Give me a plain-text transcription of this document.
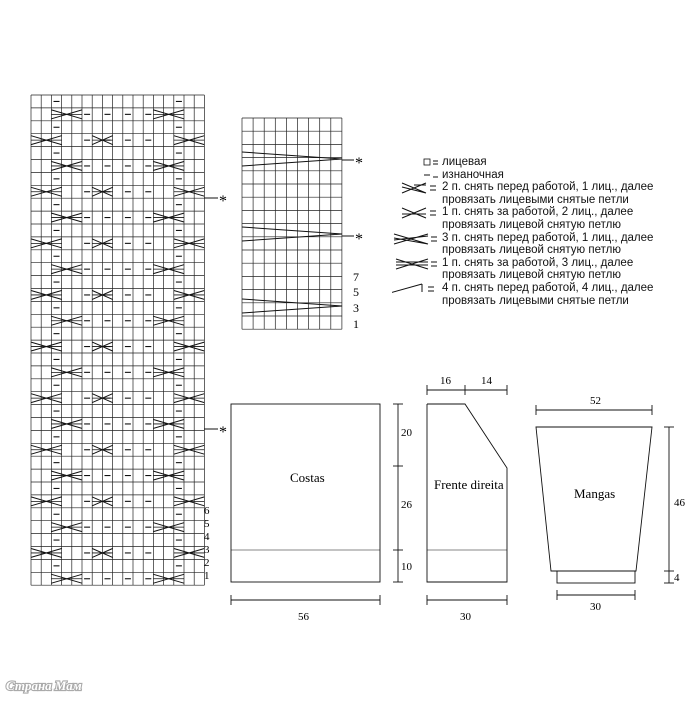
*
*
1
2
3
4
5
6
*
*
1
3
5
7
Costas
56
20
26
10
Frente direita
16	14
30
Mangas
52
46
4
30
Страна Мам
лицевая
изнаночная
2 п. снять перед работой, 1 лиц., далее
провязать лицевыми снятые петли
1 п. снять за работой, 2 лиц., далее
провязать лицевой снятую петлю
3 п. снять перед работой, 1 лиц., далее
провязать лицевой снятую петлю
1 п. снять за работой, 3 лиц., далее
провязать лицевой снятую петлю
4 п. снять перед работой, 4 лиц., далее
провязать лицевыми снятые петли
